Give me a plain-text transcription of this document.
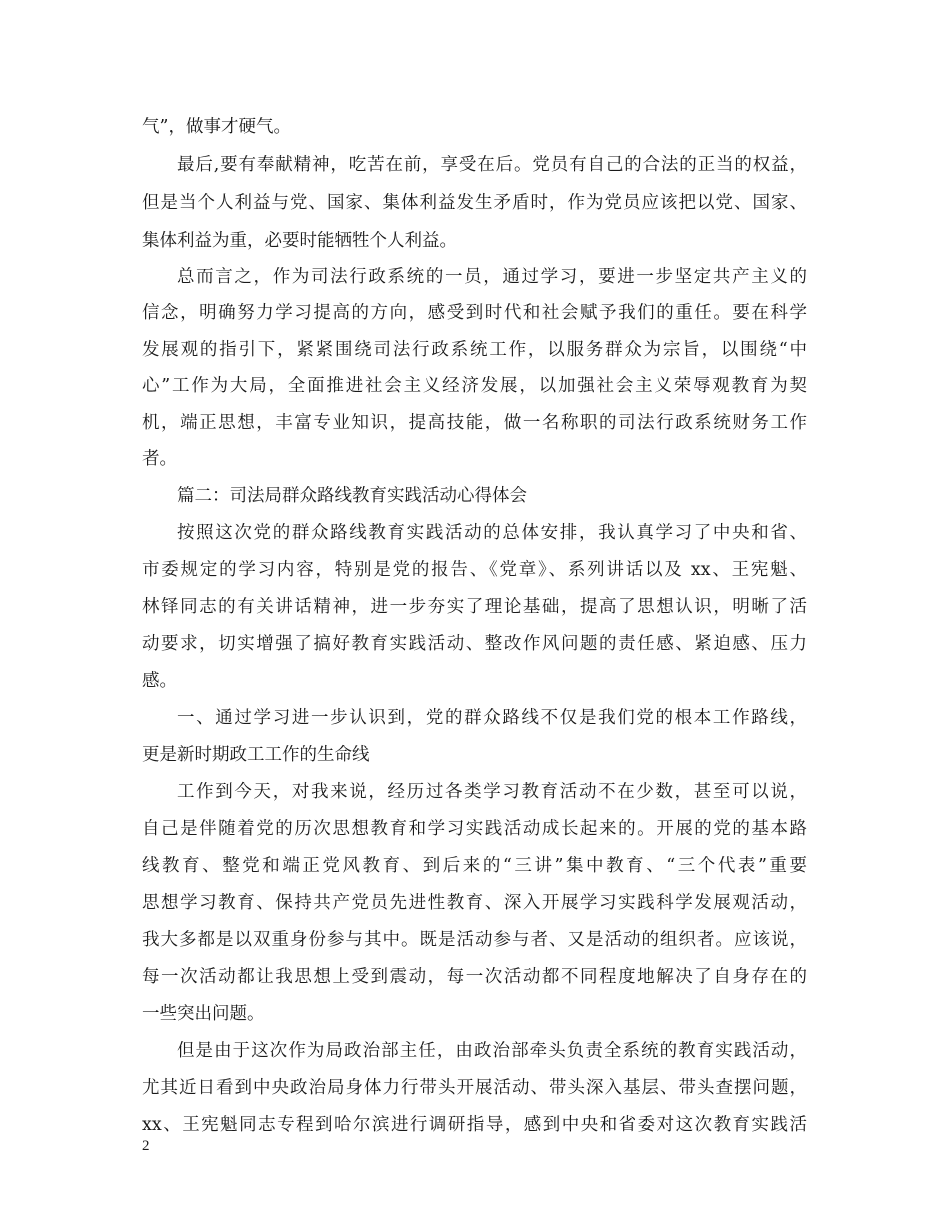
气”，做事才硬气。
最后,要有奉献精神，吃苦在前，享受在后。党员有自己的合法的正当的权益，
但是当个人利益与党、国家、集体利益发生矛盾时，作为党员应该把以党、国家、
集体利益为重，必要时能牺牲个人利益。
总而言之，作为司法行政系统的一员，通过学习，要进一步坚定共产主义的
信念，明确努力学习提高的方向，感受到时代和社会赋予我们的重任。要在科学
发展观的指引下，紧紧围绕司法行政系统工作，以服务群众为宗旨，以围绕“中
心”工作为大局，全面推进社会主义经济发展，以加强社会主义荣辱观教育为契
机，端正思想，丰富专业知识，提高技能，做一名称职的司法行政系统财务工作
者。
篇二：司法局群众路线教育实践活动心得体会
按照这次党的群众路线教育实践活动的总体安排，我认真学习了中央和省、
市委规定的学习内容，特别是党的报告、《党章》、系列讲话以及 xx、王宪魁、
林铎同志的有关讲话精神，进一步夯实了理论基础，提高了思想认识，明晰了活
动要求，切实增强了搞好教育实践活动、整改作风问题的责任感、紧迫感、压力
感。
一、通过学习进一步认识到，党的群众路线不仅是我们党的根本工作路线，
更是新时期政工工作的生命线
工作到今天，对我来说，经历过各类学习教育活动不在少数，甚至可以说，
自己是伴随着党的历次思想教育和学习实践活动成长起来的。开展的党的基本路
线教育、整党和端正党风教育、到后来的“三讲”集中教育、“三个代表”重要
思想学习教育、保持共产党员先进性教育、深入开展学习实践科学发展观活动，
我大多都是以双重身份参与其中。既是活动参与者、又是活动的组织者。应该说，
每一次活动都让我思想上受到震动，每一次活动都不同程度地解决了自身存在的
一些突出问题。
但是由于这次作为局政治部主任，由政治部牵头负责全系统的教育实践活动，
尤其近日看到中央政治局身体力行带头开展活动、带头深入基层、带头查摆问题，
xx、王宪魁同志专程到哈尔滨进行调研指导，感到中央和省委对这次教育实践活
2
